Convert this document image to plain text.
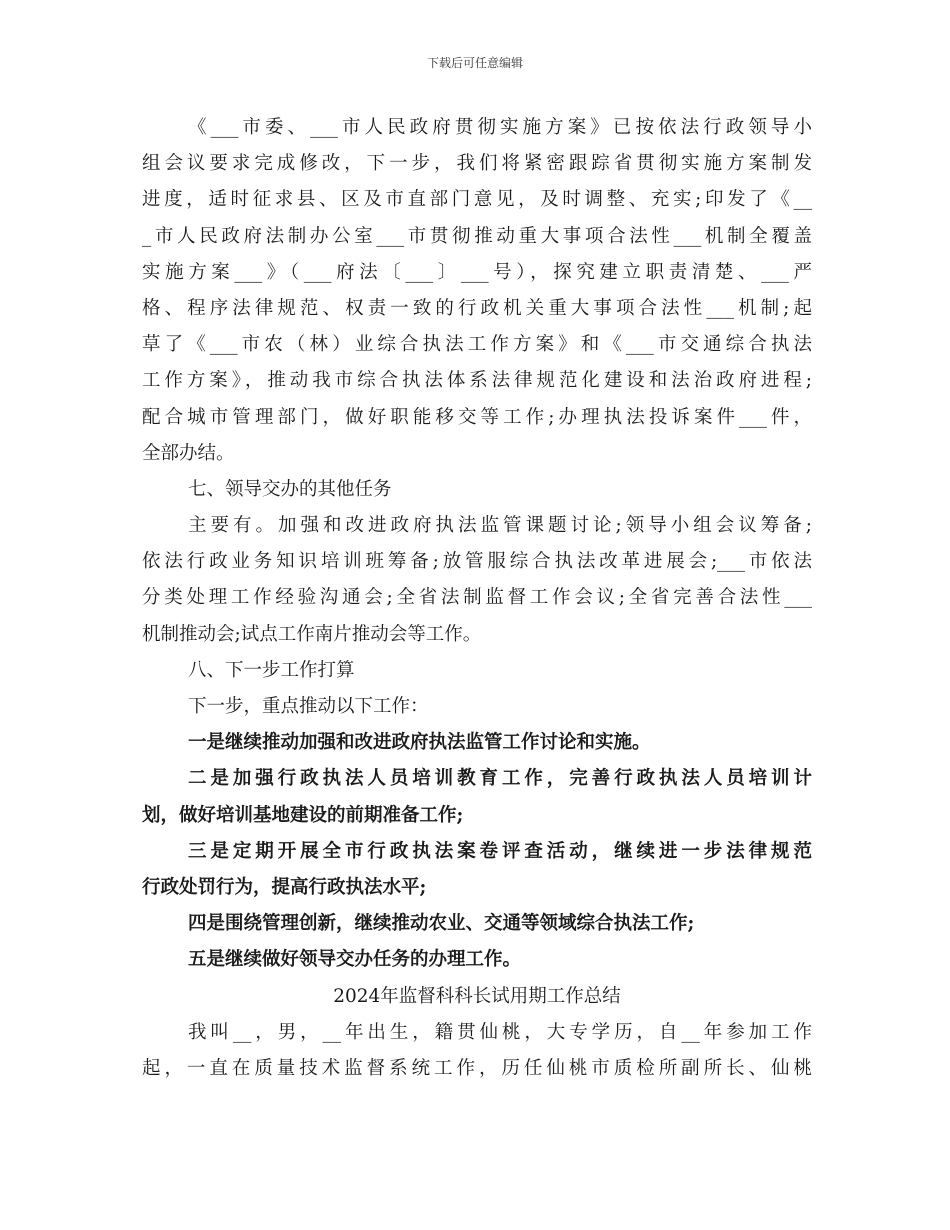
下载后可任意编辑
《___市委、___市人民政府贯彻实施方案》已按依法行政领导小
组会议要求完成修改，下一步，我们将紧密跟踪省贯彻实施方案制发
进度，适时征求县、区及市直部门意见，及时调整、充实;印发了《__
_市人民政府法制办公室___市贯彻推动重大事项合法性___机制全覆盖
实施方案___》（___府法〔___〕___号），探究建立职责清楚、___严
格、程序法律规范、权责一致的行政机关重大事项合法性___机制;起
草了《___市农（林）业综合执法工作方案》和《___市交通综合执法
工作方案》，推动我市综合执法体系法律规范化建设和法治政府进程;
配合城市管理部门，做好职能移交等工作;办理执法投诉案件___件，
全部办结。
七、领导交办的其他任务
主要有。加强和改进政府执法监管课题讨论;领导小组会议筹备;
依法行政业务知识培训班筹备;放管服综合执法改革进展会;___市依法
分类处理工作经验沟通会;全省法制监督工作会议;全省完善合法性___
机制推动会;试点工作南片推动会等工作。
八、下一步工作打算
下一步，重点推动以下工作：
一是继续推动加强和改进政府执法监管工作讨论和实施。
二是加强行政执法人员培训教育工作，完善行政执法人员培训计
划，做好培训基地建设的前期准备工作;
三是定期开展全市行政执法案卷评查活动，继续进一步法律规范
行政处罚行为，提高行政执法水平;
四是围绕管理创新，继续推动农业、交通等领域综合执法工作;
五是继续做好领导交办任务的办理工作。
2024年监督科科长试用期工作总结
我叫__，男，__年出生，籍贯仙桃，大专学历，自__年参加工作
起，一直在质量技术监督系统工作，历任仙桃市质检所副所长、仙桃
